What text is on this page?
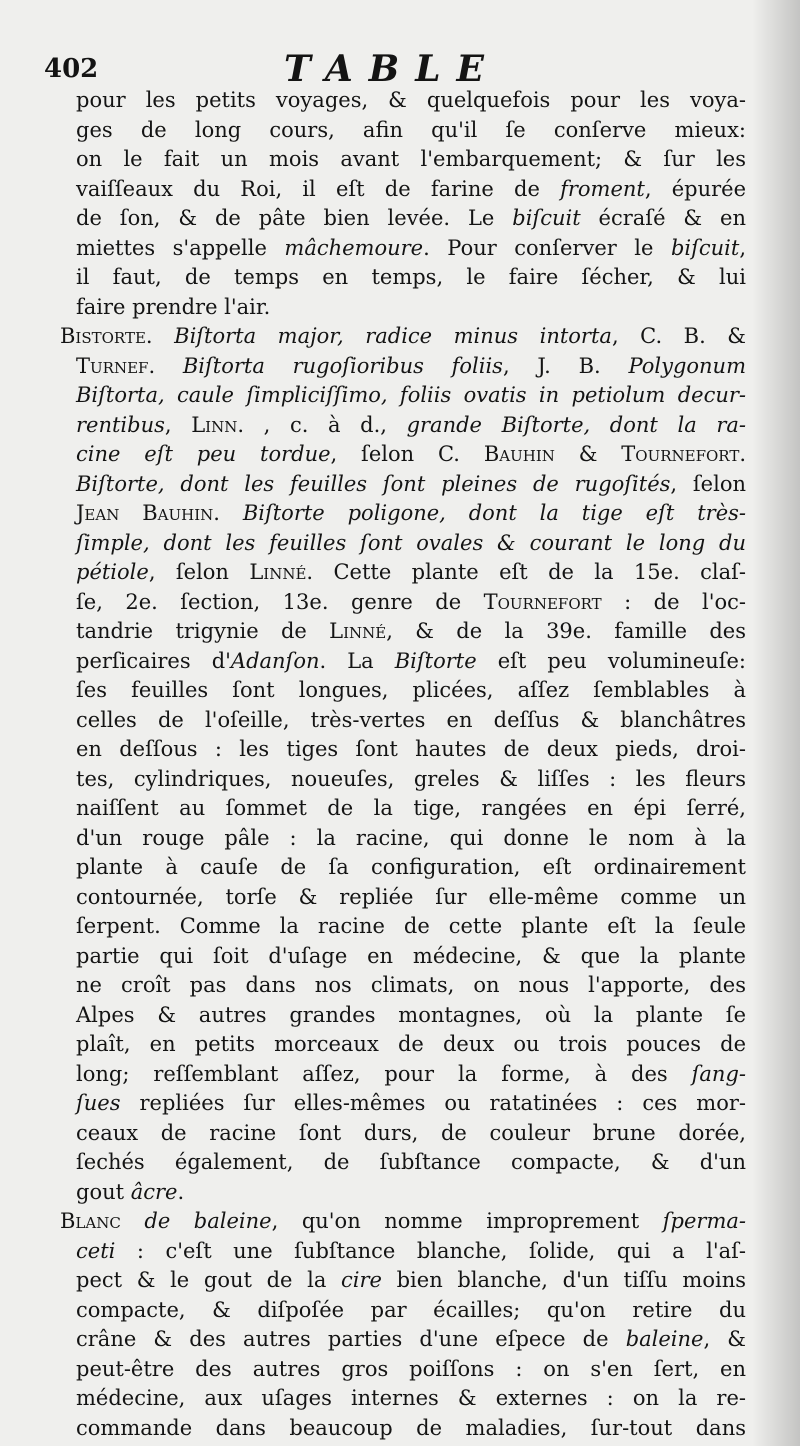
402	TABLE
pour les petits voyages, & quelquefois pour les voya-
ges de long cours, afin qu'il ſe conſerve mieux:
on le fait un mois avant l'embarquement; & ſur les
vaiſſeaux du Roi, il eſt de farine de froment, épurée
de ſon, & de pâte bien levée. Le biſcuit écraſé & en
miettes s'appelle mâchemoure. Pour conſerver le biſcuit,
il faut, de temps en temps, le faire ſécher, & lui
faire prendre l'air.
Bistorte. Biſtorta major, radice minus intorta, C. B. &
Turnef. Biſtorta rugoſioribus foliis, J. B. Polygonum
Biſtorta, caule ſimpliciſſimo, foliis ovatis in petiolum decur-
rentibus, Linn. , c. à d., grande Biſtorte, dont la ra-
cine eſt peu tordue, ſelon C. Bauhin & Tournefort.
Biſtorte, dont les feuilles ſont pleines de rugoſités, ſelon
Jean Bauhin. Biſtorte poligone, dont la tige eſt très-
ſimple, dont les feuilles ſont ovales & courant le long du
pétiole, ſelon Linné. Cette plante eſt de la 15e. claſ-
ſe, 2e. ſection, 13e. genre de Tournefort : de l'oc-
tandrie trigynie de Linné, & de la 39e. famille des
perſicaires d'Adanſon. La Biſtorte eſt peu volumineuſe:
ſes feuilles ſont longues, plicées, aſſez ſemblables à
celles de l'oſeille, très-vertes en deſſus & blanchâtres
en deſſous : les tiges ſont hautes de deux pieds, droi-
tes, cylindriques, noueuſes, greles & liſſes : les fleurs
naiſſent au ſommet de la tige, rangées en épi ſerré,
d'un rouge pâle : la racine, qui donne le nom à la
plante à cauſe de ſa configuration, eſt ordinairement
contournée, torſe & repliée ſur elle-même comme un
ſerpent. Comme la racine de cette plante eſt la ſeule
partie qui ſoit d'uſage en médecine, & que la plante
ne croît pas dans nos climats, on nous l'apporte, des
Alpes & autres grandes montagnes, où la plante ſe
plaît, en petits morceaux de deux ou trois pouces de
long; reſſemblant aſſez, pour la forme, à des ſang-
ſues repliées ſur elles-mêmes ou ratatinées : ces mor-
ceaux de racine ſont durs, de couleur brune dorée,
ſechés également, de ſubſtance compacte, & d'un
gout âcre.
Blanc de baleine, qu'on nomme improprement ſperma-
ceti : c'eſt une ſubſtance blanche, ſolide, qui a l'aſ-
pect & le gout de la cire bien blanche, d'un tiſſu moins
compacte, & diſpoſée par écailles; qu'on retire du
crâne & des autres parties d'une eſpece de baleine, &
peut-être des autres gros poiſſons : on s'en ſert, en
médecine, aux uſages internes & externes : on la re-
commande dans beaucoup de maladies, ſur-tout dans
